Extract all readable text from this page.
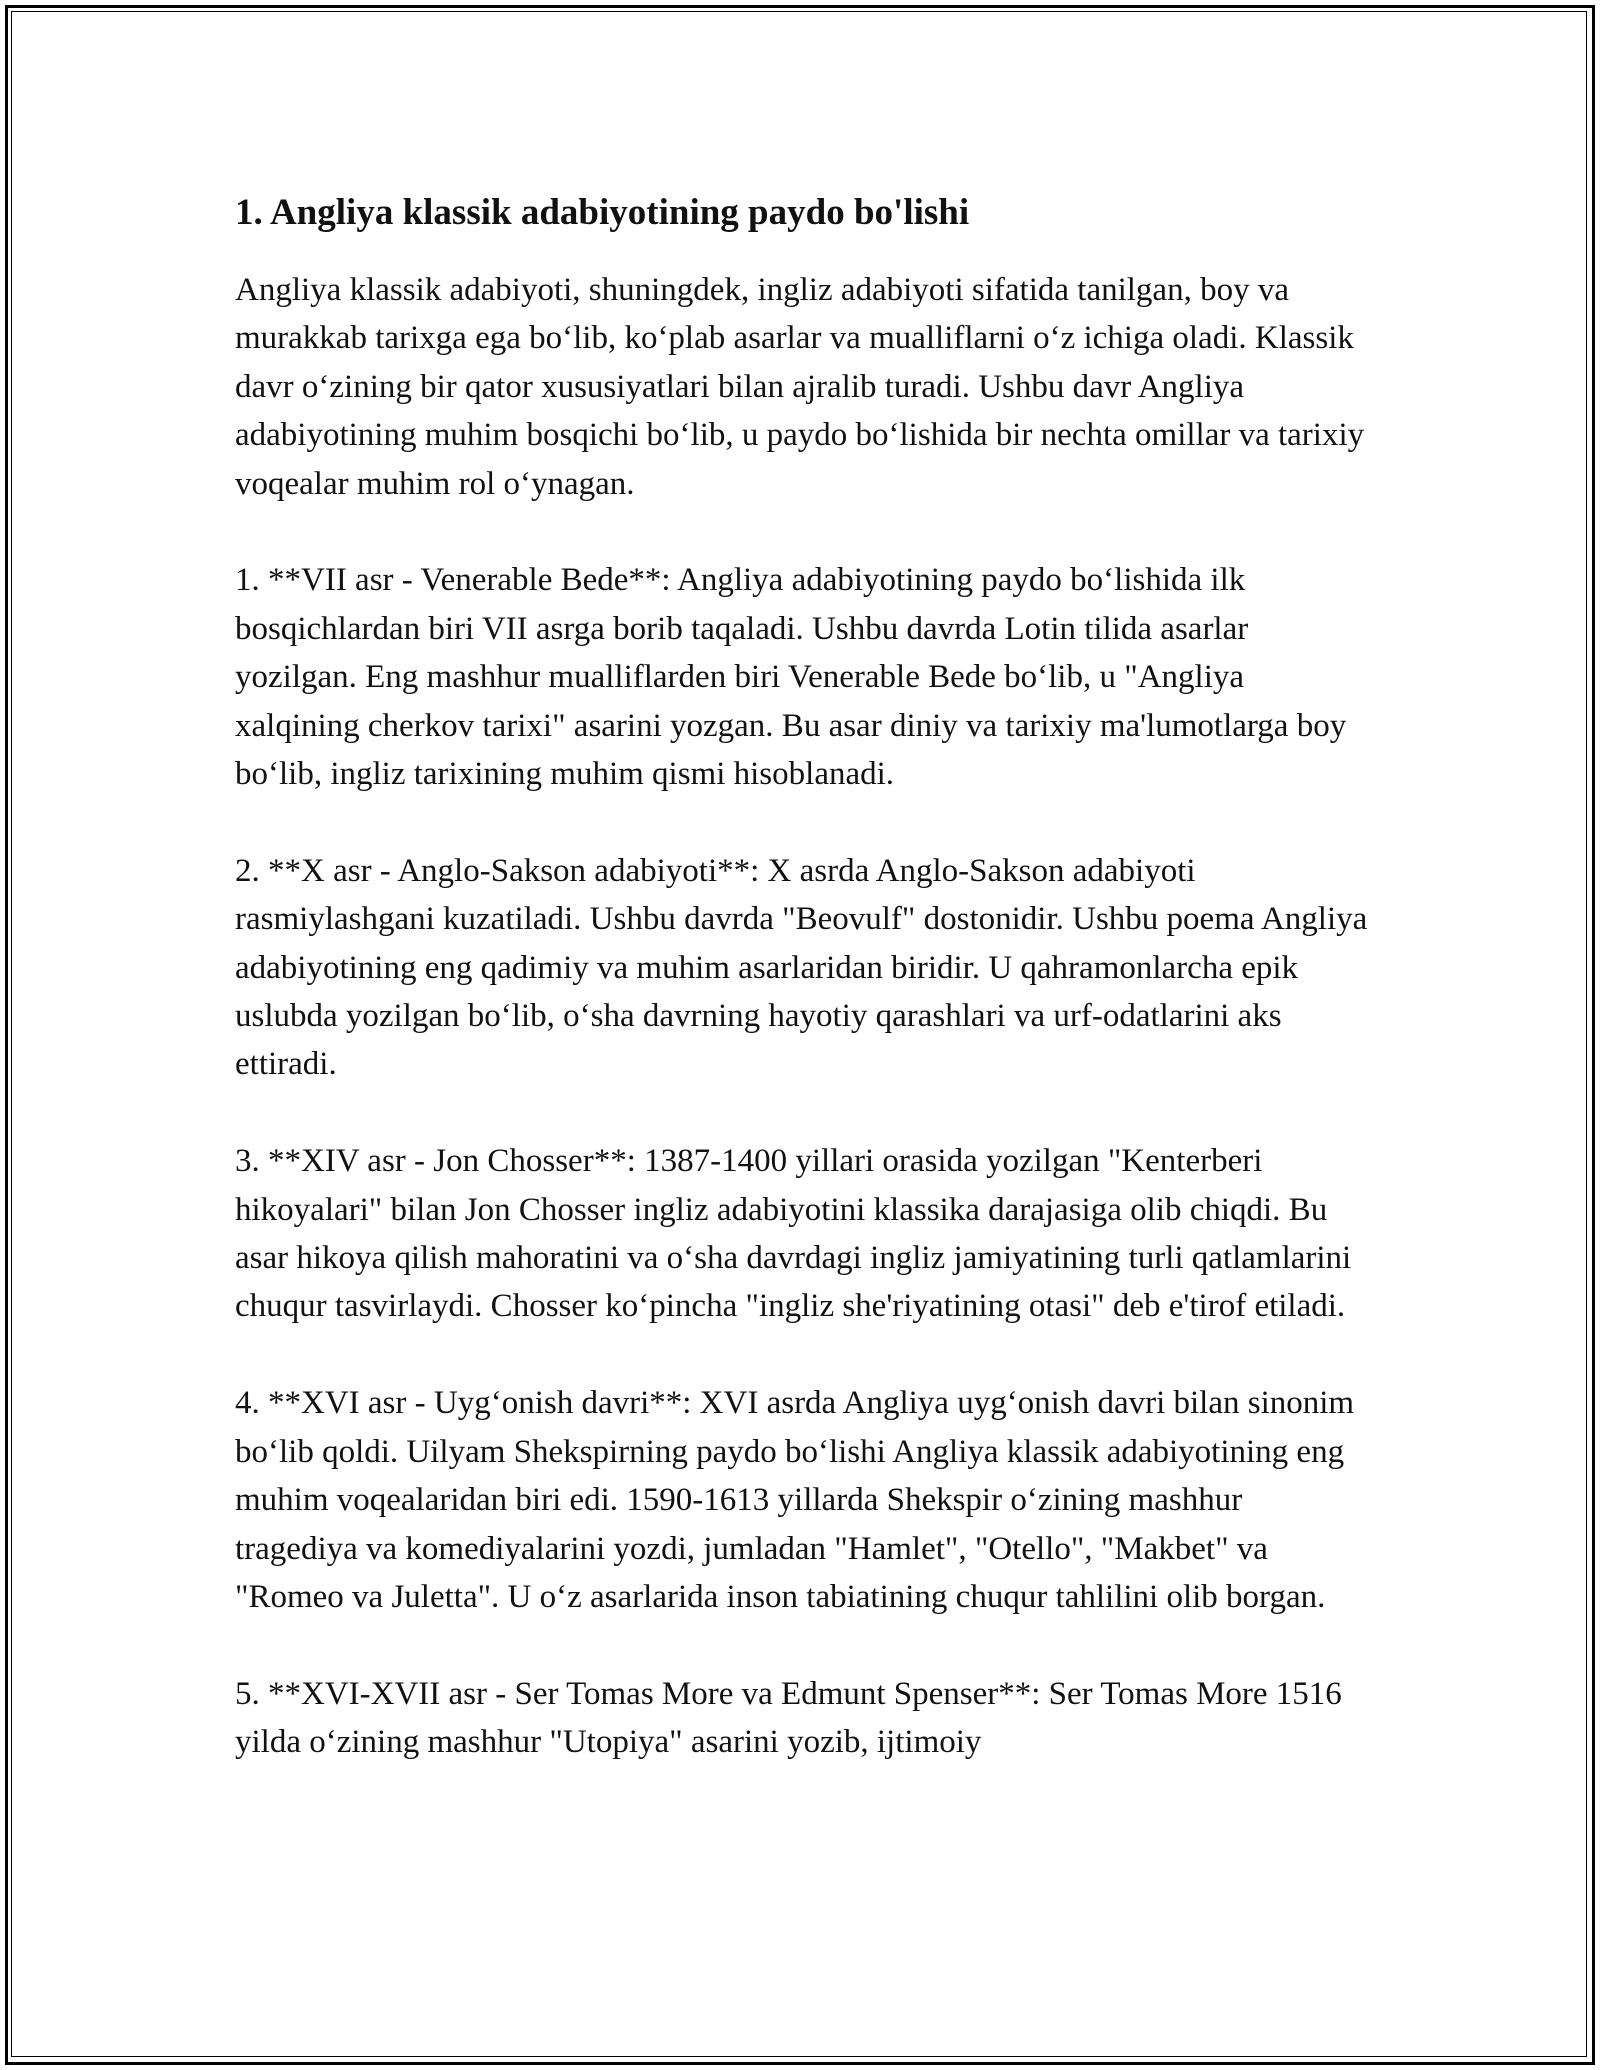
1. Angliya klassik adabiyotining paydo bo'lishi

Angliya klassik adabiyoti, shuningdek, ingliz adabiyoti sifatida tanilgan, boy va murakkab tarixga ega bo‘lib, ko‘plab asarlar va mualliflarni o‘z ichiga oladi. Klassik davr o‘zining bir qator xususiyatlari bilan ajralib turadi. Ushbu davr Angliya adabiyotining muhim bosqichi bo‘lib, u paydo bo‘lishida bir nechta omillar va tarixiy voqealar muhim rol o‘ynagan.

1. **VII asr - Venerable Bede**: Angliya adabiyotining paydo bo‘lishida ilk bosqichlardan biri VII asrga borib taqaladi. Ushbu davrda Lotin tilida asarlar yozilgan. Eng mashhur mualliflarden biri Venerable Bede bo‘lib, u "Angliya xalqining cherkov tarixi" asarini yozgan. Bu asar diniy va tarixiy ma'lumotlarga boy bo‘lib, ingliz tarixining muhim qismi hisoblanadi.

2. **X asr - Anglo-Sakson adabiyoti**: X asrda Anglo-Sakson adabiyoti rasmiylashgani kuzatiladi. Ushbu davrda "Beovulf" dostonidir. Ushbu poema Angliya adabiyotining eng qadimiy va muhim asarlaridan biridir. U qahramonlarcha epik uslubda yozilgan bo‘lib, o‘sha davrning hayotiy qarashlari va urf-odatlarini aks ettiradi.

3. **XIV asr - Jon Chosser**: 1387-1400 yillari orasida yozilgan "Kenterberi hikoyalari" bilan Jon Chosser ingliz adabiyotini klassika darajasiga olib chiqdi. Bu asar hikoya qilish mahoratini va o‘sha davrdagi ingliz jamiyatining turli qatlamlarini chuqur tasvirlaydi. Chosser ko‘pincha "ingliz she'riyatining otasi" deb e'tirof etiladi.

4. **XVI asr - Uyg‘onish davri**: XVI asrda Angliya uyg‘onish davri bilan sinonim bo‘lib qoldi. Uilyam Shekspirning paydo bo‘lishi Angliya klassik adabiyotining eng muhim voqealaridan biri edi. 1590-1613 yillarda Shekspir o‘zining mashhur tragediya va komediyalarini yozdi, jumladan "Hamlet", "Otello", "Makbet" va "Romeo va Juletta". U o‘z asarlarida inson tabiatining chuqur tahlilini olib borgan.

5. **XVI-XVII asr - Ser Tomas More va Edmunt Spenser**: Ser Tomas More 1516 yilda o‘zining mashhur "Utopiya" asarini yozib, ijtimoiy
